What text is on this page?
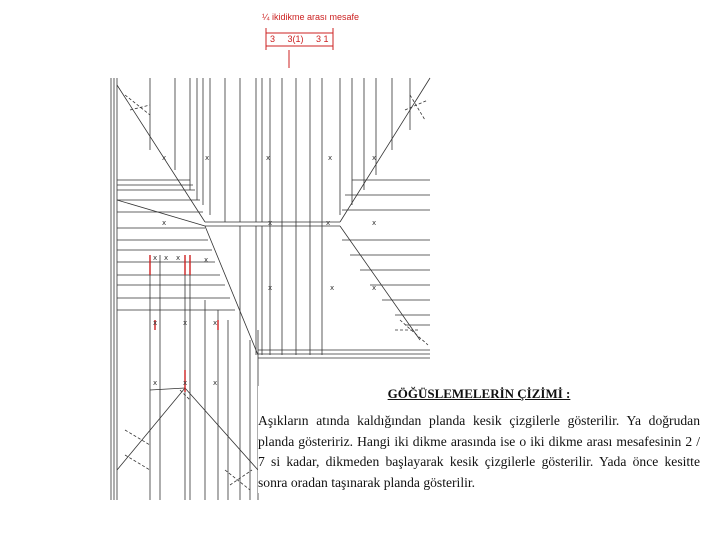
x	x	x	x	x
x	x	x	x
x x x	x
x	x	x
x	x	x
x	x	x
¼ ikidikme arası mesafe
3     3(1)     3 1
GÖĞÜSLEMELERİN ÇİZİMİ :

Aşıkların atında kaldığından planda kesik çizgilerle gösterilir. Ya doğrudan planda gösteririz. Hangi iki dikme arasında ise o iki dikme arası mesafesinin 2 / 7 si kadar, dikmeden başlayarak kesik çizgilerle gösterilir. Yada önce kesitte sonra oradan taşınarak planda gösterilir.
